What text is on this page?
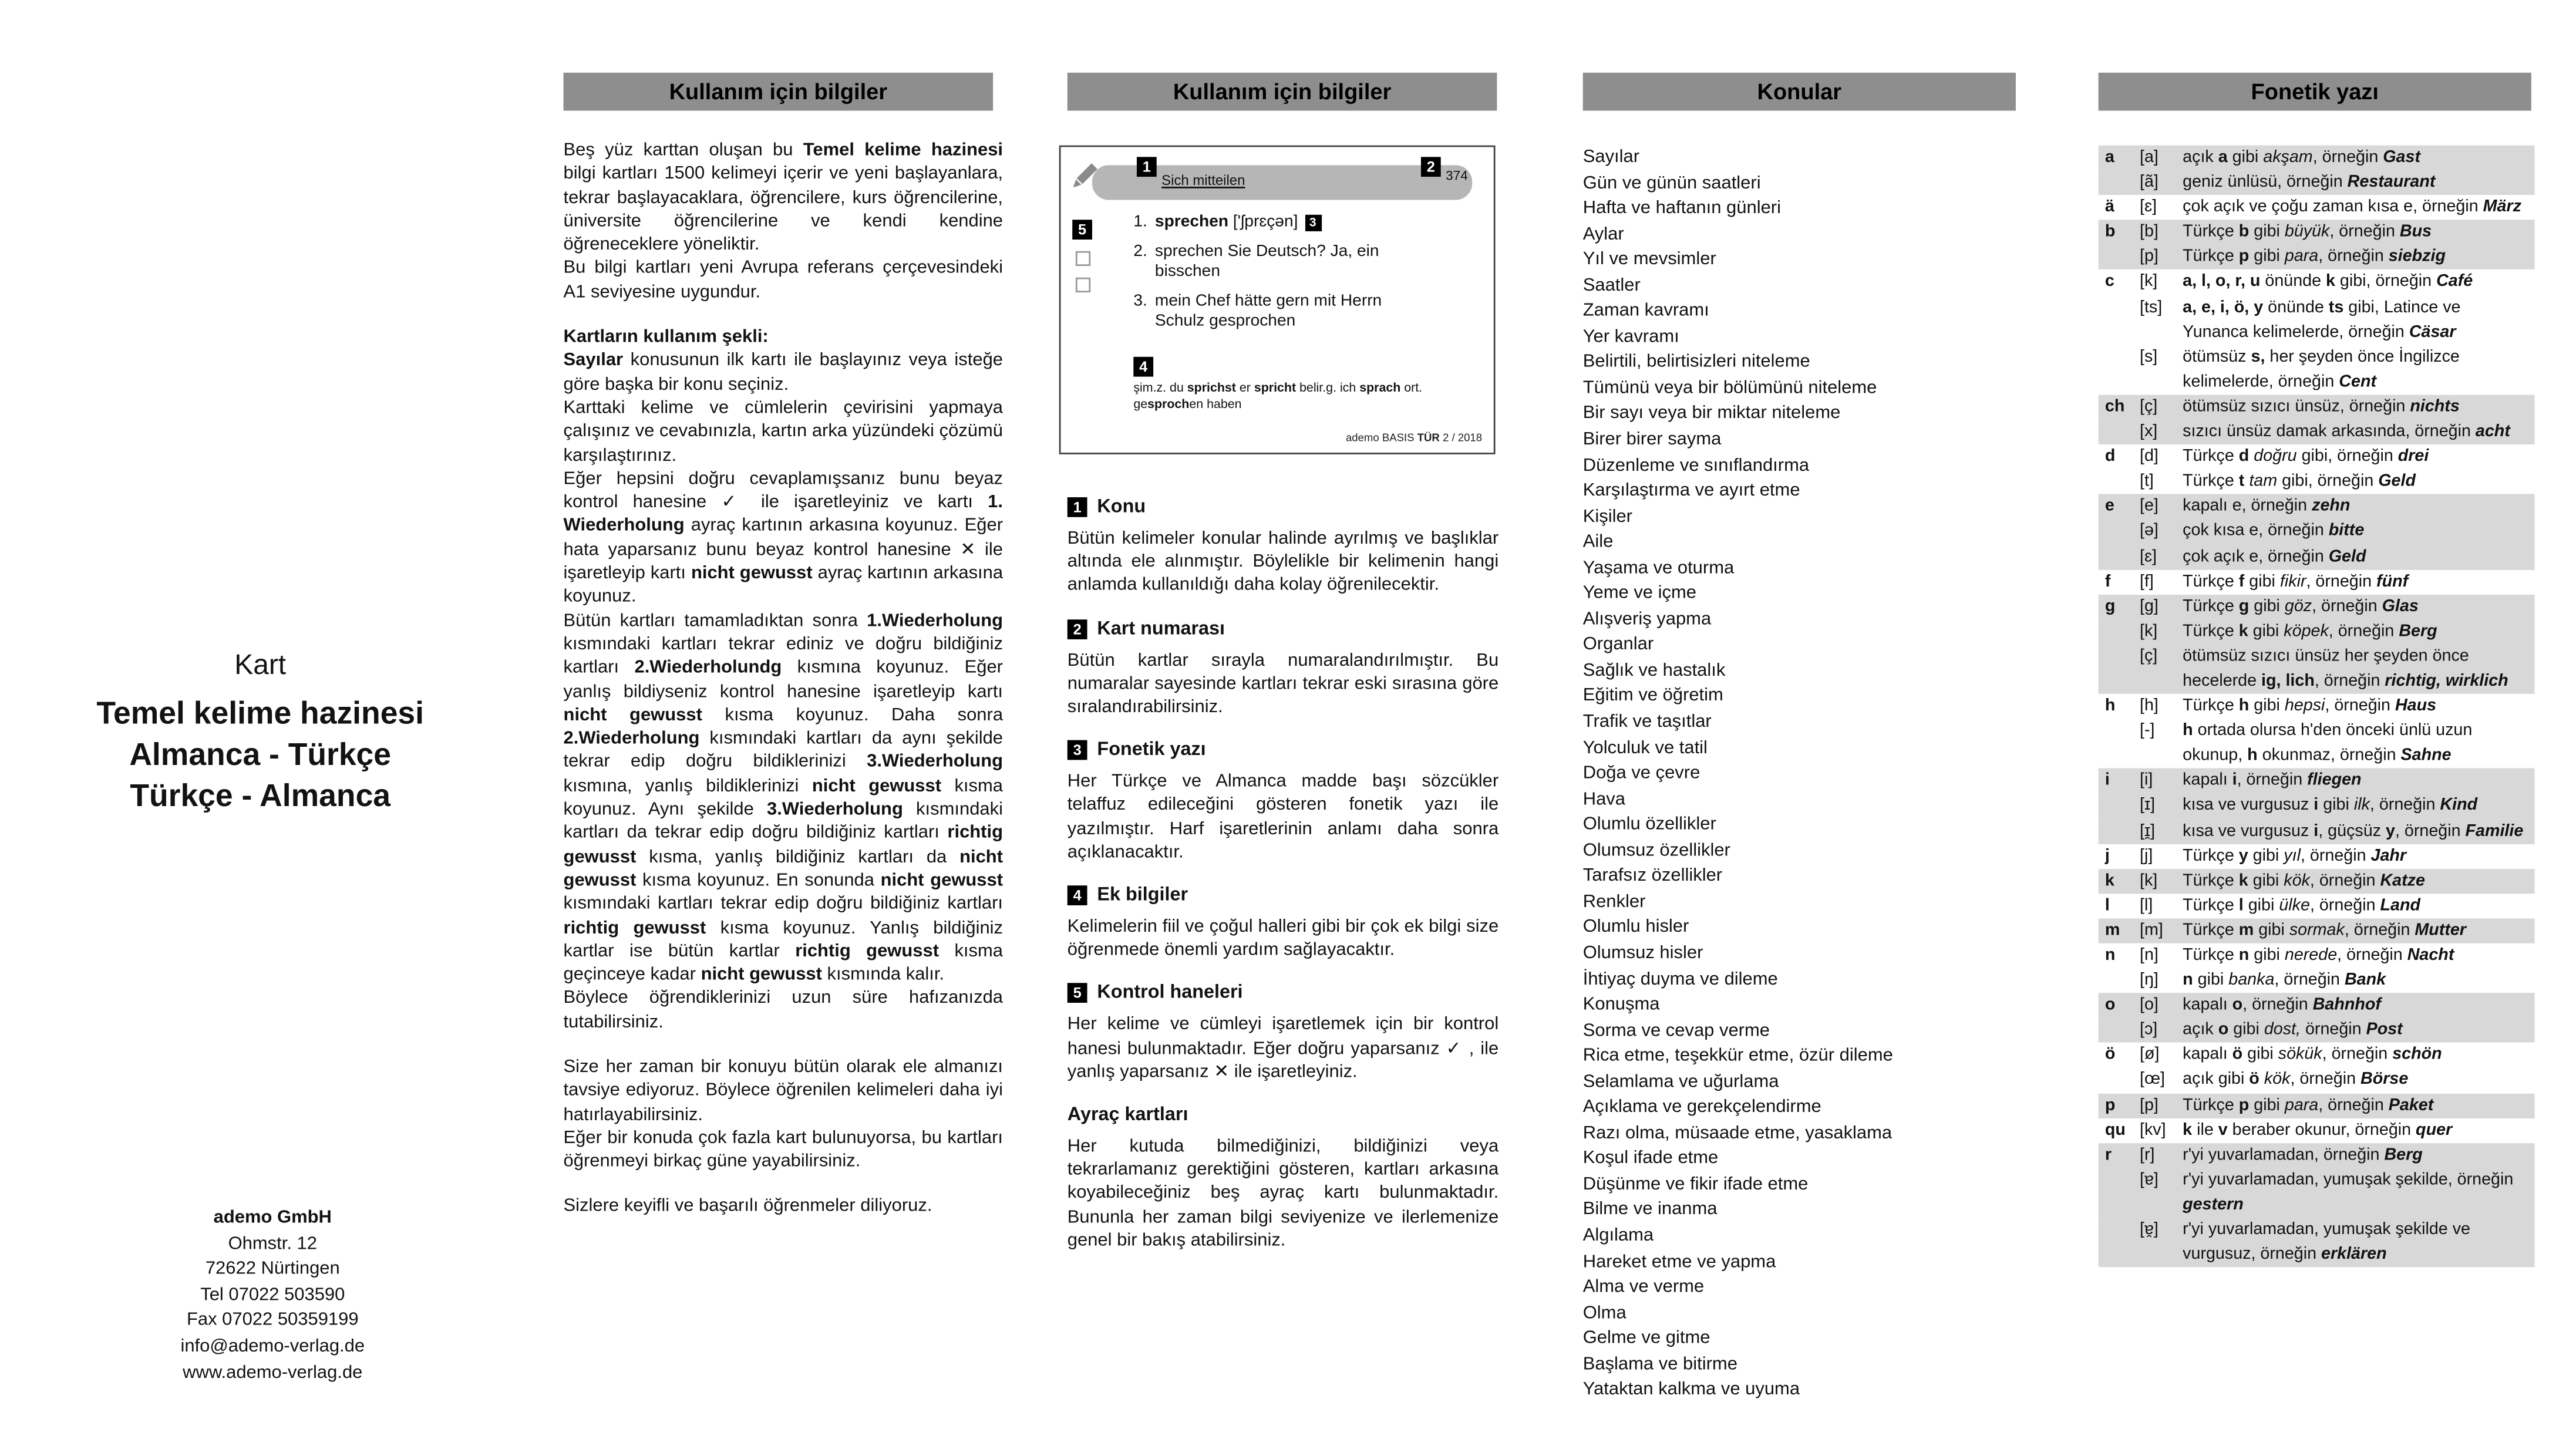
Kart
Temel kelime hazinesi
Almanca - Türkçe
Türkçe - Almanca
ademo GmbH
Ohmstr. 12
72622 Nürtingen
Tel 07022 503590
Fax 07022 50359199
info@ademo-verlag.de
www.ademo-verlag.de
Kullanım için bilgiler	Kullanım için bilgiler	Konular	Fonetik yazı

Beş yüz karttan oluşan bu Temel kelime hazinesi bilgi kartları 1500 kelimeyi içerir ve yeni başlayanlara, tekrar başlayacaklara, öğrencilere, kurs öğrencilerine, üniversite öğrencilerine ve kendi kendine öğreneceklere yöneliktir.

Bu bilgi kartları yeni Avrupa referans çerçevesindeki A1 seviyesine uygundur.

Kartların kullanım şekli:

Sayılar konusunun ilk kartı ile başlayınız veya isteğe göre başka bir konu seçiniz.

Karttaki kelime ve cümlelerin çevirisini yapmaya çalışınız ve cevabınızla, kartın arka yüzündeki çözümü karşılaştırınız.

Eğer hepsini doğru cevaplamışsanız bunu beyaz kontrol hanesine ✓ ile işaretleyiniz ve kartı 1. Wiederholung ayraç kartının arkasına koyunuz. Eğer hata yaparsanız bunu beyaz kontrol hanesine ✕ ile işaretleyip kartı nicht gewusst ayraç kartının arkasına koyunuz.

Bütün kartları tamamladıktan sonra 1.Wiederholung kısmındaki kartları tekrar ediniz ve doğru bildiğiniz kartları 2.Wiederholundg kısmına koyunuz. Eğer yanlış bildiyseniz kontrol hanesine işaretleyip kartı nicht gewusst kısma koyunuz. Daha sonra 2.Wiederholung kısmındaki kartları da aynı şekilde tekrar edip doğru bildiklerinizi 3.Wiederholung kısmına, yanlış bildiklerinizi nicht gewusst kısma koyunuz. Aynı şekilde 3.Wiederholung kısmındaki kartları da tekrar edip doğru bildiğiniz kartları richtig gewusst kısma, yanlış bildiğiniz kartları da nicht gewusst kısma koyunuz. En sonunda nicht gewusst kısmındaki kartları tekrar edip doğru bildiğiniz kartları richtig gewusst kısma koyunuz. Yanlış bildiğiniz kartlar ise bütün kartlar richtig gewusst kısma geçinceye kadar nicht gewusst kısmında kalır.

Böylece öğrendiklerinizi uzun süre hafızanızda tutabilirsiniz.

Size her zaman bir konuyu bütün olarak ele almanızı tavsiye ediyoruz. Böylece öğrenilen kelimeleri daha iyi hatırlayabilirsiniz.

Eğer bir konuda çok fazla kart bulunuyorsa, bu kartları öğrenmeyi birkaç güne yayabilirsiniz.

Sizlere keyifli ve başarılı öğrenmeler diliyoruz.

1
Sich mitteilen
2
374
5	1.	sprechen ['ʃprɛçən]	3
2.	sprechen Sie Deutsch? Ja, ein bisschen
3.	mein Chef hätte gern mit Herrn Schulz gesprochen
4
şim.z. du sprichst er spricht belir.g. ich sprach ort.
gesprochen haben
ademo BASIS TÜR 2 / 2018
1	Konu

Bütün kelimeler konular halinde ayrılmış ve başlıklar altında ele alınmıştır. Böylelikle bir kelimenin hangi anlamda kullanıldığı daha kolay öğrenilecektir.

2	Kart numarası

Bütün kartlar sırayla numaralandırılmıştır. Bu numaralar sayesinde kartları tekrar eski sırasına göre sıralandırabilirsiniz.

3	Fonetik yazı

Her Türkçe ve Almanca madde başı sözcükler telaffuz edileceğini gösteren fonetik yazı ile yazılmıştır. Harf işaretlerinin anlamı daha sonra açıklanacaktır.

4	Ek bilgiler

Kelimelerin fiil ve çoğul halleri gibi bir çok ek bilgi size öğrenmede önemli yardım sağlayacaktır.

5	Kontrol haneleri

Her kelime ve cümleyi işaretlemek için bir kontrol hanesi bulunmaktadır. Eğer doğru yaparsanız ✓ , ile yanlış yaparsanız ✕ ile işaretleyiniz.

Ayraç kartları

Her kutuda bilmediğinizi, bildiğinizi veya tekrarlamanız gerektiğini gösteren, kartları arkasına koyabileceğiniz beş ayraç kartı bulunmaktadır. Bununla her zaman bilgi seviyenize ve ilerlemenize genel bir bakış atabilirsiniz.

Sayılar
Gün ve günün saatleri
Hafta ve haftanın günleri
Aylar
Yıl ve mevsimler
Saatler
Zaman kavramı
Yer kavramı
Belirtili, belirtisizleri niteleme
Tümünü veya bir bölümünü niteleme
Bir sayı veya bir miktar niteleme
Birer birer sayma
Düzenleme ve sınıflandırma
Karşılaştırma ve ayırt etme
Kişiler
Aile
Yaşama ve oturma
Yeme ve içme
Alışveriş yapma
Organlar
Sağlık ve hastalık
Eğitim ve öğretim
Trafik ve taşıtlar
Yolculuk ve tatil
Doğa ve çevre
Hava
Olumlu özellikler
Olumsuz özellikler
Tarafsız özellikler
Renkler
Olumlu hisler
Olumsuz hisler
İhtiyaç duyma ve dileme
Konuşma
Sorma ve cevap verme
Rica etme, teşekkür etme, özür dileme
Selamlama ve uğurlama
Açıklama ve gerekçelendirme
Razı olma, müsaade etme, yasaklama
Koşul ifade etme
Düşünme ve fikir ifade etme
Bilme ve inanma
Algılama
Hareket etme ve yapma
Alma ve verme
Olma
Gelme ve gitme
Başlama ve bitirme
Yataktan kalkma ve uyuma
a	[a]	açık a gibi akşam, örneğin Gast
[ã]	geniz ünlüsü, örneğin Restaurant
ä	[ɛ]	çok açık ve çoğu zaman kısa e, örneğin März
b	[b]	Türkçe b gibi büyük, örneğin Bus
[p]	Türkçe p gibi para, örneğin siebzig
c	[k]	a, l, o, r, u önünde k gibi, örneğin Café
[ts]	a, e, i, ö, y önünde ts gibi, Latince ve Yunanca kelimelerde, örneğin Cäsar
[s]	ötümsüz s, her şeyden önce İngilizce kelimelerde, örneğin Cent
ch	[ç]	ötümsüz sızıcı ünsüz, örneğin nichts
[x]	sızıcı ünsüz damak arkasında, örneğin acht
d	[d]	Türkçe d doğru gibi, örneğin drei
[t]	Türkçe t tam gibi, örneğin Geld
e	[e]	kapalı e, örneğin zehn
[ə]	çok kısa e, örneğin bitte
[ɛ]	çok açık e, örneğin Geld
f	[f]	Türkçe f gibi fikir, örneğin fünf
g	[g]	Türkçe g gibi göz, örneğin Glas
[k]	Türkçe k gibi köpek, örneğin Berg
[ç]	ötümsüz sızıcı ünsüz her şeyden önce hecelerde ig, lich, örneğin richtig, wirklich
h	[h]	Türkçe h gibi hepsi, örneğin Haus
[-]	h ortada olursa h'den önceki ünlü uzun okunup, h okunmaz, örneğin Sahne
i	[i]	kapalı i, örneğin fliegen
[ɪ]	kısa ve vurgusuz i gibi ilk, örneğin Kind
[ɪ̯]	kısa ve vurgusuz i, güçsüz y, örneğin Familie
j	[j]	Türkçe y gibi yıl, örneğin Jahr
k	[k]	Türkçe k gibi kök, örneğin Katze
l	[l]	Türkçe l gibi ülke, örneğin Land
m	[m]	Türkçe m gibi sormak, örneğin Mutter
n	[n]	Türkçe n gibi nerede, örneğin Nacht
[ŋ]	n gibi banka, örneğin Bank
o	[o]	kapalı o, örneğin Bahnhof
[ɔ]	açık o gibi dost, örneğin Post
ö	[ø]	kapalı ö gibi sökük, örneğin schön
[œ]	açık gibi ö kök, örneğin Börse
p	[p]	Türkçe p gibi para, örneğin Paket
qu	[kv]	k ile v beraber okunur, örneğin quer
r	[r]	r'yi yuvarlamadan, örneğin Berg
[ɐ]	r'yi yuvarlamadan, yumuşak şekilde, örneğin gestern
[ɐ̯]	r'yi yuvarlamadan, yumuşak şekilde ve vurgusuz, örneğin erklären
